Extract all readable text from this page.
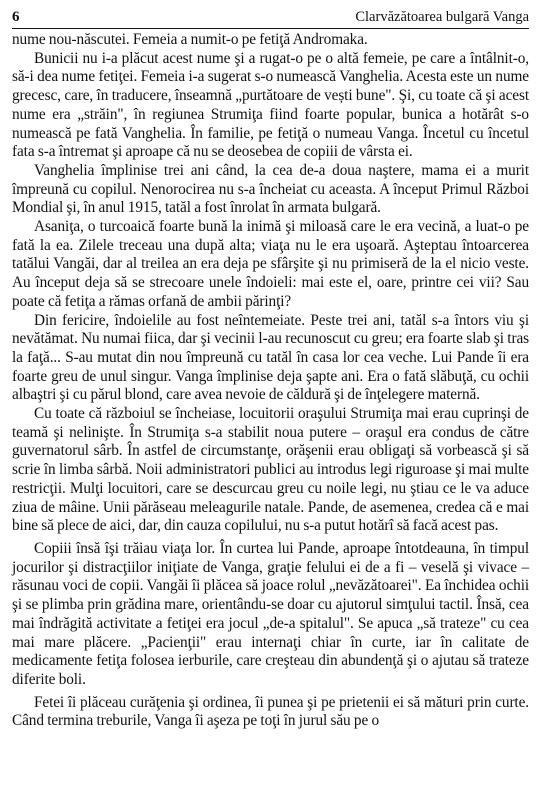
6	Clarvăzătoarea bulgară Vanga

nume nou-născutei. Femeia a numit-o pe fetiţă Andromaka.

Bunicii nu i-a plăcut acest nume şi a rugat-o pe o altă femeie, pe care a întâlnit-o, să-i dea nume fetiţei. Femeia i-a sugerat s-o numească Vanghelia. Acesta este un nume grecesc, care, în traducere, înseamnă „purtătoare de vești bune". Şi, cu toate că şi acest nume era „străin", în regiunea Strumiţa fiind foarte popular, bunica a hotărât s-o numească pe fată Vanghelia. În familie, pe fetiţă o numeau Vanga. Încetul cu încetul fata s-a întremat şi aproape că nu se deosebea de copiii de vârsta ei.

Vanghelia împlinise trei ani când, la cea de-a doua naştere, mama ei a murit împreună cu copilul. Nenorocirea nu s-a încheiat cu aceasta. A început Primul Război Mondial şi, în anul 1915, tatăl a fost înrolat în armata bulgară.

Asaniţa, o turcoaică foarte bună la inimă şi miloasă care le era vecină, a luat-o pe fată la ea. Zilele treceau una după alta; viaţa nu le era uşoară. Aşteptau întoarcerea tatălui Vangăi, dar al treilea an era deja pe sfârşite şi nu primiseră de la el nicio veste. Au început deja să se strecoare unele îndoieli: mai este el, oare, printre cei vii? Sau poate că fetiţa a rămas orfană de ambii părinţi?

Din fericire, îndoielile au fost neîntemeiate. Peste trei ani, tatăl s-a întors viu şi nevătămat. Nu numai fiica, dar şi vecinii l-au recunoscut cu greu; era foarte slab şi tras la faţă... S-au mutat din nou împreună cu tatăl în casa lor cea veche. Lui Pande îi era foarte greu de unul singur. Vanga împlinise deja şapte ani. Era o fată slăbuţă, cu ochii albaştri şi cu părul blond, care avea nevoie de căldură şi de înţelegere maternă.

Cu toate că războiul se încheiase, locuitorii oraşului Strumiţa mai erau cuprinşi de teamă şi nelinişte. În Strumiţa s-a stabilit noua putere – oraşul era condus de către guvernatorul sârb. În astfel de circumstanţe, orăşenii erau obligaţi să vorbească şi să scrie în limba sârbă. Noii administratori publici au introdus legi riguroase şi mai multe restricţii. Mulţi locuitori, care se descurcau greu cu noile legi, nu ştiau ce le va aduce ziua de mâine. Unii părăseau meleagurile natale. Pande, de asemenea, credea că e mai bine să plece de aici, dar, din cauza copilului, nu s-a putut hotărî să facă acest pas.

Copiii însă îşi trăiau viaţa lor. În curtea lui Pande, aproape întotdeauna, în timpul jocurilor şi distracţiilor iniţiate de Vanga, graţie felului ei de a fi – veselă şi vivace – răsunau voci de copii. Vangăi îi plăcea să joace rolul „nevăzătoarei". Ea închidea ochii şi se plimba prin grădina mare, orientându-se doar cu ajutorul simţului tactil. Însă, cea mai îndrăgită activitate a fetiţei era jocul „de-a spitalul". Se apuca „să trateze" cu cea mai mare plăcere. „Pacienţii" erau internaţi chiar în curte, iar în calitate de medicamente fetiţa folosea ierburile, care creşteau din abundenţă şi o ajutau să trateze diferite boli.

Fetei îi plăceau curăţenia şi ordinea, îi punea şi pe prietenii ei să mături prin curte. Când termina treburile, Vanga îi aşeza pe toţi în jurul său pe o
